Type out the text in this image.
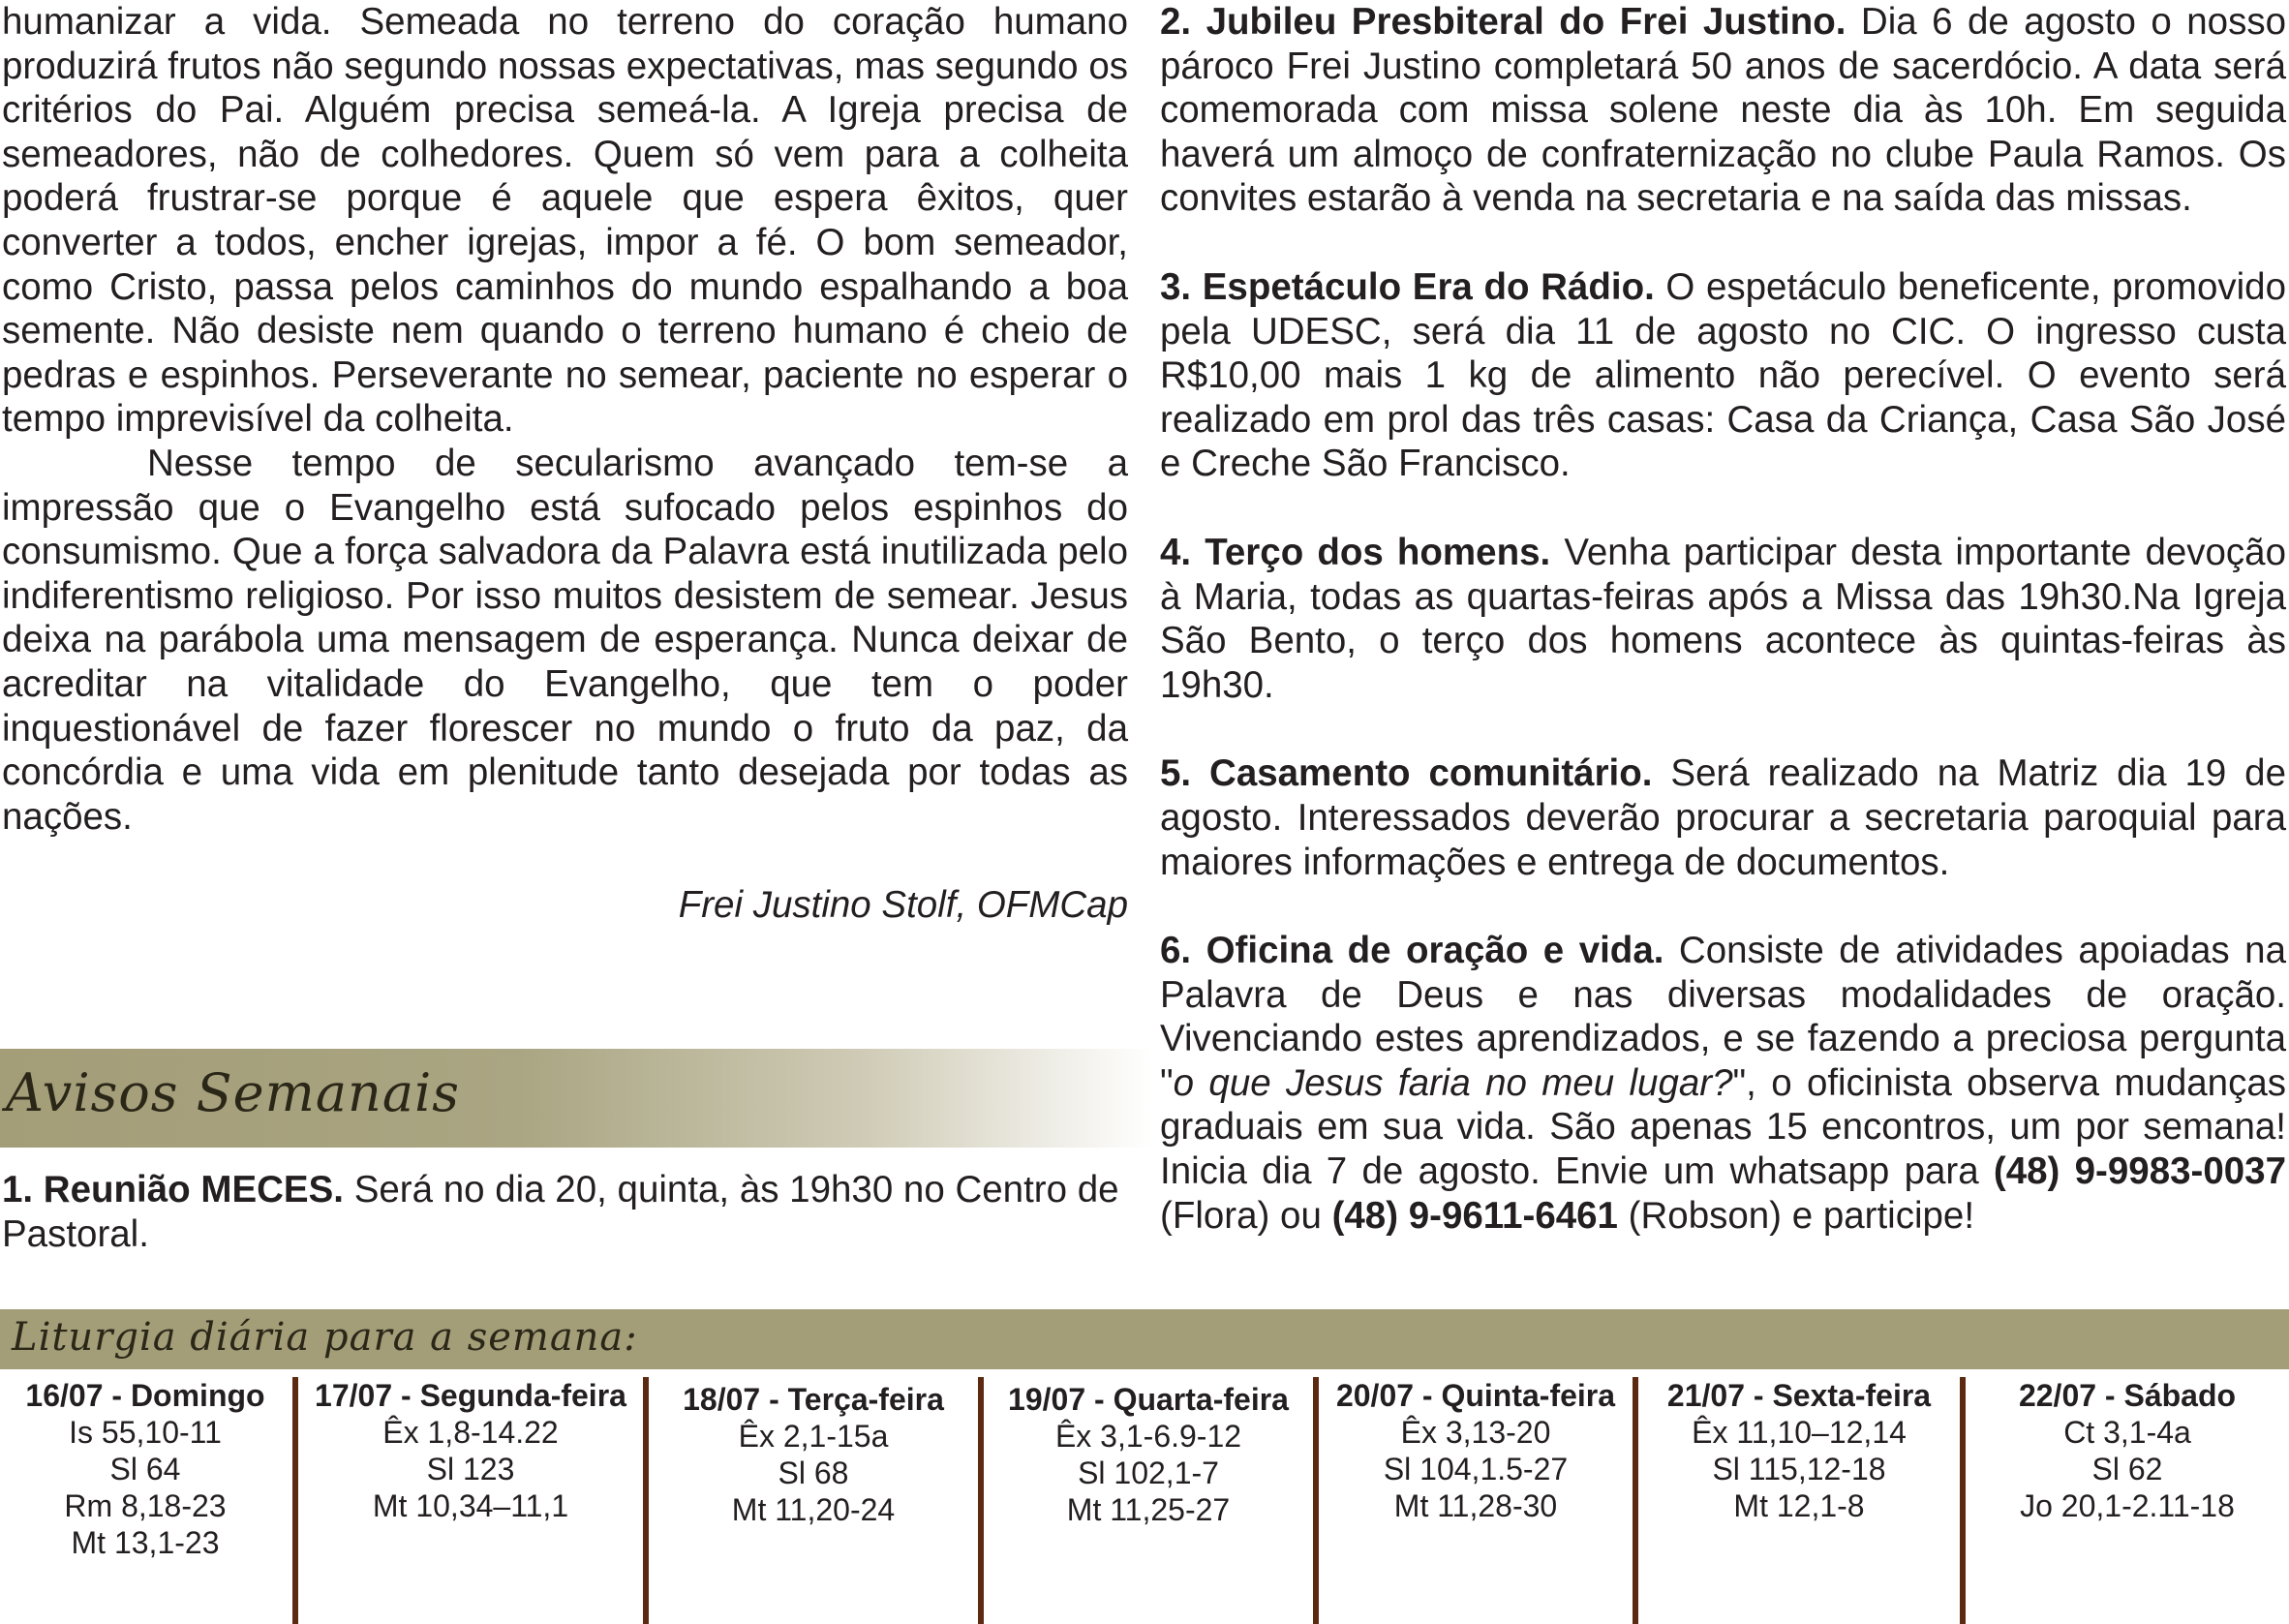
humanizar a vida. Semeada no terreno do coração humano produzirá frutos não segundo nossas expectativas, mas segundo os critérios do Pai. Alguém precisa semeá-la. A Igreja precisa de semeadores, não de colhedores. Quem só vem para a colheita poderá frustrar-se porque é aquele que espera êxitos, quer converter a todos, encher igrejas, impor a fé. O bom semeador, como Cristo, passa pelos caminhos do mundo espalhando a boa semente. Não desiste nem quando o terreno humano é cheio de pedras e espinhos. Perseverante no semear, paciente no esperar o tempo imprevisível da colheita.

Nesse tempo de secularismo avançado tem-se a impressão que o Evangelho está sufocado pelos espinhos do consumismo. Que a força salvadora da Palavra está inutilizada pelo indiferentismo religioso. Por isso muitos desistem de semear. Jesus deixa na parábola uma mensagem de esperança. Nunca deixar de acreditar na vitalidade do Evangelho, que tem o poder inquestionável de fazer florescer no mundo o fruto da paz, da concórdia e uma vida em plenitude tanto desejada por todas as nações.

Frei Justino Stolf, OFMCap

Avisos Semanais
1. Reunião MECES. Será no dia 20, quinta, às 19h30 no Centro de Pastoral.

2. Jubileu Presbiteral do Frei Justino. Dia 6 de agosto o nosso pároco Frei Justino completará 50 anos de sacerdócio. A data será comemorada com missa solene neste dia às 10h. Em seguida haverá um almoço de confraternização no clube Paula Ramos. Os convites estarão à venda na secretaria e na saída das missas.

3. Espetáculo Era do Rádio. O espetáculo beneficente, promovido pela UDESC, será dia 11 de agosto no CIC. O ingresso custa R$10,00 mais 1 kg de alimento não perecível. O evento será realizado em prol das três casas: Casa da Criança, Casa São José e Creche São Francisco.

4. Terço dos homens. Venha participar desta importante devoção à Maria, todas as quartas-feiras após a Missa das 19h30.Na Igreja São Bento, o terço dos homens acontece às quintas-feiras às 19h30.

5. Casamento comunitário. Será realizado na Matriz dia 19 de agosto. Interessados deverão procurar a secretaria paroquial para maiores informações e entrega de documentos.

6. Oficina de oração e vida. Consiste de atividades apoiadas na Palavra de Deus e nas diversas modalidades de oração. Vivenciando estes aprendizados, e se fazendo a preciosa pergunta "o que Jesus faria no meu lugar?", o oficinista observa mudanças graduais em sua vida. São apenas 15 encontros, um por semana! Inicia dia 7 de agosto. Envie um whatsapp para (48) 9-9983-0037 (Flora) ou (48) 9-9611-6461 (Robson) e participe!

Liturgia diária para a semana:
16/07 - Domingo
Is 55,10-11
Sl 64
Rm 8,18-23
Mt 13,1-23
17/07 - Segunda-feira
Êx 1,8-14.22
Sl 123
Mt 10,34–11,1
18/07 - Terça-feira
Êx 2,1-15a
Sl 68
Mt 11,20-24
19/07 - Quarta-feira
Êx 3,1-6.9-12
Sl 102,1-7
Mt 11,25-27
20/07 - Quinta-feira
Êx 3,13-20
Sl 104,1.5-27
Mt 11,28-30
21/07 - Sexta-feira
Êx 11,10–12,14
Sl 115,12-18
Mt 12,1-8
22/07 - Sábado
Ct 3,1-4a
Sl 62
Jo 20,1-2.11-18
